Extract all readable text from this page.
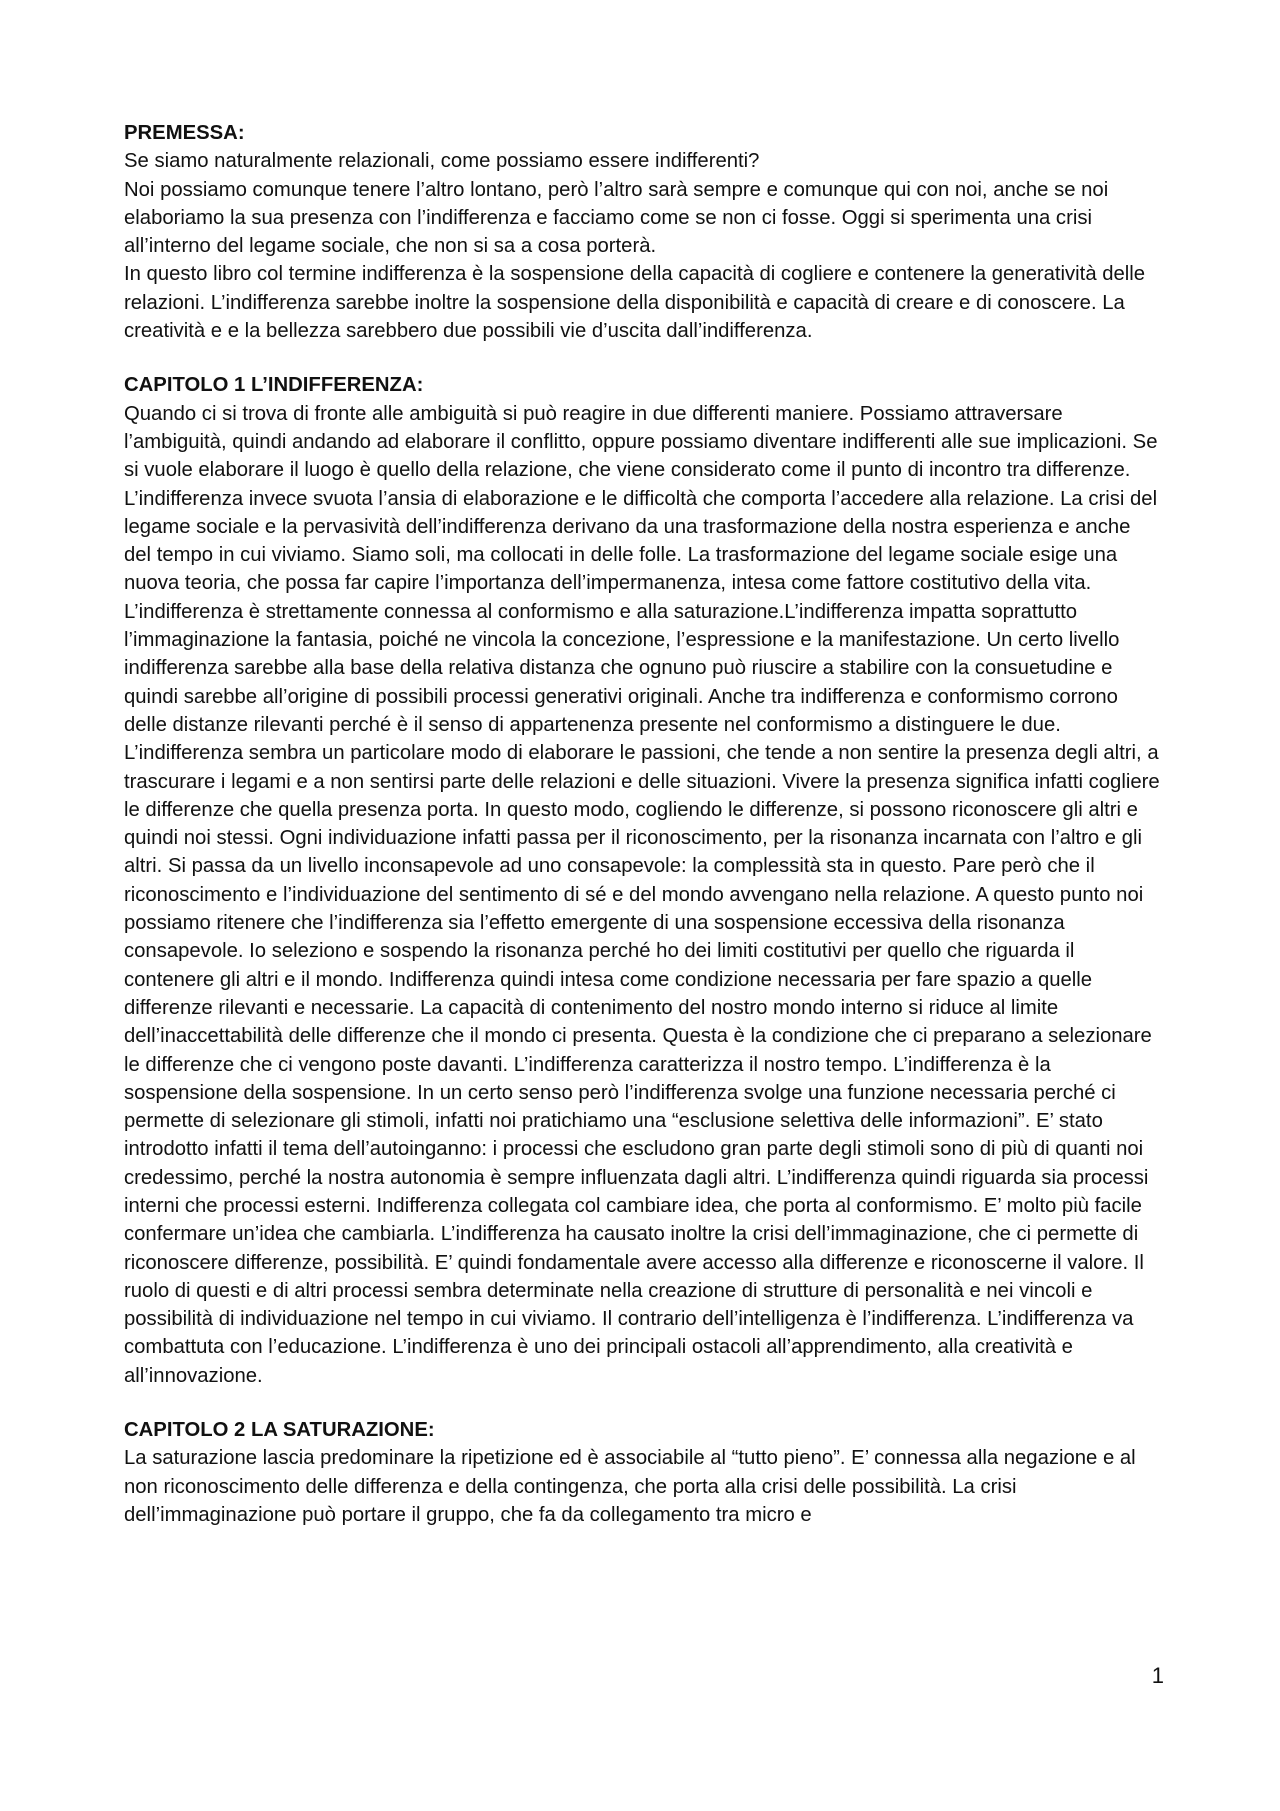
PREMESSA:

Se siamo naturalmente relazionali, come possiamo essere indifferenti?

Noi possiamo comunque tenere l’altro lontano, però l’altro sarà sempre e comunque qui con noi, anche se noi elaboriamo la sua presenza con l’indifferenza e facciamo come se non ci fosse. Oggi si sperimenta una crisi all’interno del legame sociale, che non si sa a cosa porterà.

In questo libro col termine indifferenza è la sospensione della capacità di cogliere e contenere la generatività delle relazioni. L’indifferenza sarebbe inoltre la sospensione della disponibilità e capacità di creare e di conoscere. La creatività e e la bellezza sarebbero due possibili vie d’uscita dall’indifferenza.

CAPITOLO 1 L’INDIFFERENZA:

Quando ci si trova di fronte alle ambiguità si può reagire in due differenti maniere. Possiamo attraversare l’ambiguità, quindi andando ad elaborare il conflitto, oppure possiamo diventare indifferenti alle sue implicazioni. Se si vuole elaborare il luogo è quello della relazione, che viene considerato come il punto di incontro tra differenze. L’indifferenza invece svuota l’ansia di elaborazione e le difficoltà che comporta l’accedere alla relazione. La crisi del legame sociale e la pervasività dell’indifferenza derivano da una trasformazione della nostra esperienza e anche del tempo in cui viviamo. Siamo soli, ma collocati in delle folle. La trasformazione del legame sociale esige una nuova teoria, che possa far capire l’importanza dell’impermanenza, intesa come fattore costitutivo della vita. L’indifferenza è strettamente connessa al conformismo e alla saturazione.L’indifferenza impatta soprattutto l’immaginazione la fantasia, poiché ne vincola la concezione, l’espressione e la manifestazione. Un certo livello indifferenza sarebbe alla base della relativa distanza che ognuno può riuscire a stabilire con la consuetudine e quindi sarebbe all’origine di possibili processi generativi originali. Anche tra indifferenza e conformismo corrono delle distanze rilevanti perché è il senso di appartenenza presente nel conformismo a distinguere le due. L’indifferenza sembra un particolare modo di elaborare le passioni, che tende a non sentire la presenza degli altri, a trascurare i legami e a non sentirsi parte delle relazioni e delle situazioni. Vivere la presenza significa infatti cogliere le differenze che quella presenza porta. In questo modo, cogliendo le differenze, si possono riconoscere gli altri e quindi noi stessi. Ogni individuazione infatti passa per il riconoscimento, per la risonanza incarnata con l’altro e gli altri. Si passa da un livello inconsapevole ad uno consapevole: la complessità sta in questo. Pare però che il riconoscimento e l’individuazione del sentimento di sé e del mondo avvengano nella relazione. A questo punto noi possiamo ritenere che l’indifferenza sia l’effetto emergente di una sospensione eccessiva della risonanza consapevole. Io seleziono e sospendo la risonanza perché ho dei limiti costitutivi per quello che riguarda il contenere gli altri e il mondo. Indifferenza quindi intesa come condizione necessaria per fare spazio a quelle differenze rilevanti e necessarie. La capacità di contenimento del nostro mondo interno si riduce al limite dell’inaccettabilità delle differenze che il mondo ci presenta. Questa è la condizione che ci preparano a selezionare le differenze che ci vengono poste davanti. L’indifferenza caratterizza il nostro tempo. L’indifferenza è la sospensione della sospensione. In un certo senso però l’indifferenza svolge una funzione necessaria perché ci permette di selezionare gli stimoli, infatti noi pratichiamo una “esclusione selettiva delle informazioni”. E’ stato introdotto infatti il tema dell’autoinganno: i processi che escludono gran parte degli stimoli sono di più di quanti noi credessimo, perché la nostra autonomia è sempre influenzata dagli altri. L’indifferenza quindi riguarda sia processi interni che processi esterni. Indifferenza collegata col cambiare idea, che porta al conformismo. E’ molto più facile confermare un’idea che cambiarla. L’indifferenza ha causato inoltre la crisi dell’immaginazione, che ci permette di riconoscere differenze, possibilità. E’ quindi fondamentale avere accesso alla differenze e riconoscerne il valore. Il ruolo di questi e di altri processi sembra determinate nella creazione di strutture di personalità e nei vincoli e possibilità di individuazione nel tempo in cui viviamo. Il contrario dell’intelligenza è l’indifferenza. L’indifferenza va combattuta con l’educazione. L’indifferenza è uno dei principali ostacoli all’apprendimento, alla creatività e all’innovazione.

CAPITOLO 2 LA SATURAZIONE:

La saturazione lascia predominare la ripetizione ed è associabile al “tutto pieno”. E’ connessa alla negazione e al non riconoscimento delle differenza e della contingenza, che porta alla crisi delle possibilità. La crisi dell’immaginazione può portare il gruppo, che fa da collegamento tra micro e

1
